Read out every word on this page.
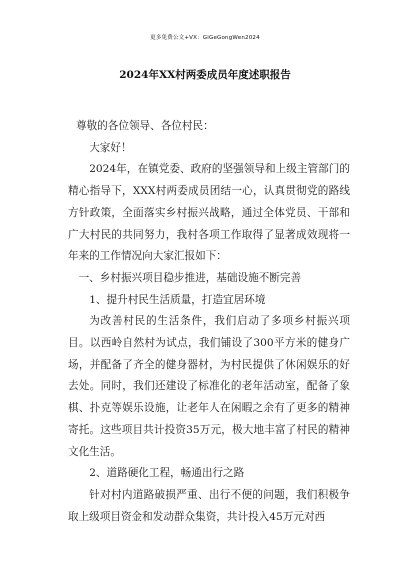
更多免费公文+VX：GiGeGongWen2024
2024年XX村两委成员年度述职报告

尊敬的各位领导、各位村民：

大家好！

2024年，在镇党委、政府的坚强领导和上级主管部门的精心指导下，XXX村两委成员团结一心，认真贯彻党的路线方针政策，全面落实乡村振兴战略，通过全体党员、干部和广大村民的共同努力，我村各项工作取得了显著成效现将一年来的工作情况向大家汇报如下：

一、乡村振兴项目稳步推进，基础设施不断完善

1、提升村民生活质量，打造宜居环境

为改善村民的生活条件，我们启动了多项乡村振兴项目。以西岭自然村为试点，我们铺设了300平方米的健身广场，并配备了齐全的健身器材，为村民提供了休闲娱乐的好去处。同时，我们还建设了标准化的老年活动室，配备了象棋、扑克等娱乐设施，让老年人在闲暇之余有了更多的精神寄托。这些项目共计投资35万元，极大地丰富了村民的精神文化生活。

2、道路硬化工程，畅通出行之路

针对村内道路破损严重、出行不便的问题，我们积极争取上级项目资金和发动群众集资，共计投入45万元对西
